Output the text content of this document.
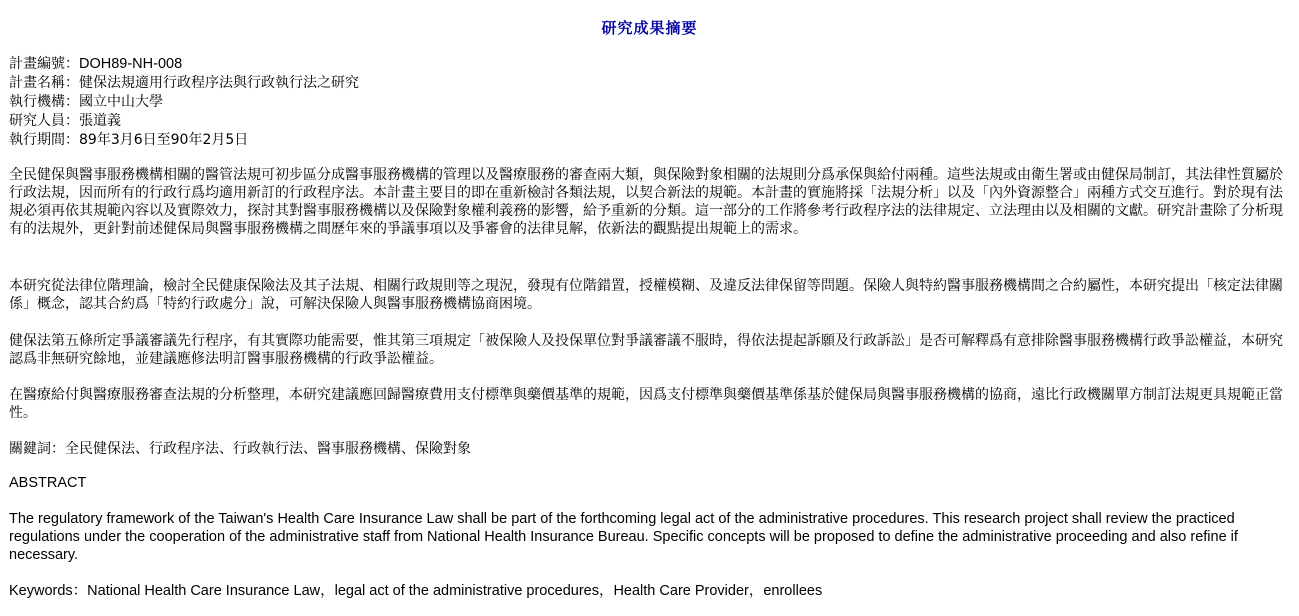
研究成果摘要
計畫編號：DOH89-NH-008
計畫名稱：健保法規適用行政程序法與行政執行法之研究
執行機構：國立中山大學
研究人員：張道義
執行期間：89年3月6日至90年2月5日

全民健保與醫事服務機構相關的醫管法規可初步區分成醫事服務機構的管理以及醫療服務的審查兩大類，與保險對象相關的法規則分爲承保與給付兩種。這些法規或由衛生署或由健保局制訂，其法律性質屬於行政法規，因而所有的行政行爲均適用新訂的行政程序法。本計畫主要目的即在重新檢討各類法規，以契合新法的規範。本計畫的實施將採「法規分析」以及「內外資源整合」兩種方式交互進行。對於現有法規必須再依其規範內容以及實際效力，探討其對醫事服務機構以及保險對象權利義務的影響，給予重新的分類。這一部分的工作將參考行政程序法的法律規定、立法理由以及相關的文獻。研究計畫除了分析現有的法規外，更針對前述健保局與醫事服務機構之間歷年來的爭議事項以及爭審會的法律見解，依新法的觀點提出規範上的需求。

本研究從法律位階理論，檢討全民健康保險法及其子法規、相關行政規則等之現況，發現有位階錯置，授權模糊、及違反法律保留等問題。保險人與特約醫事服務機構間之合約屬性，本研究提出「核定法律關係」概念，認其合約爲「特約行政處分」說，可解決保險人與醫事服務機構協商困境。

健保法第五條所定爭議審議先行程序，有其實際功能需要，惟其第三項規定「被保險人及投保單位對爭議審議不服時，得依法提起訴願及行政訴訟」是否可解釋爲有意排除醫事服務機構行政爭訟權益，本研究認爲非無研究餘地，並建議應修法明訂醫事服務機構的行政爭訟權益。

在醫療給付與醫療服務審查法規的分析整理，本研究建議應回歸醫療費用支付標準與藥價基準的規範，因爲支付標準與藥價基準係基於健保局與醫事服務機構的協商，遠比行政機關單方制訂法規更具規範正當性。

關鍵詞：全民健保法、行政程序法、行政執行法、醫事服務機構、保險對象

ABSTRACT

The regulatory framework of the Taiwan's Health Care Insurance Law shall be part of the forthcoming legal act of the administrative procedures. This research project shall review the practiced regulations under the cooperation of the administrative staff from National Health Insurance Bureau. Specific concepts will be proposed to define the administrative proceeding and also refine if necessary.

Keywords：National Health Care Insurance Law，legal act of the administrative procedures，Health Care Provider，enrollees
